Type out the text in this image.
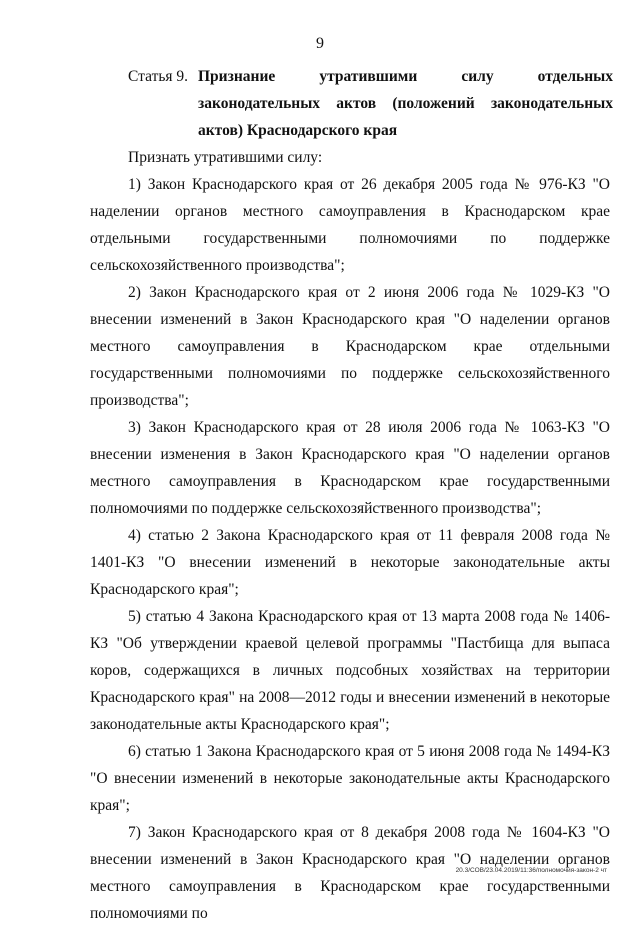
9
Статья 9. Признание утратившими силу отдельных законодательных актов (положений законодательных актов) Краснодарского края

Признать утратившими силу:

1) Закон Краснодарского края от 26 декабря 2005 года № 976-КЗ "О наделении органов местного самоуправления в Краснодарском крае отдельными государственными полномочиями по поддержке сельскохозяйственного производства";

2) Закон Краснодарского края от 2 июня 2006 года № 1029-КЗ "О внесении изменений в Закон Краснодарского края "О наделении органов местного самоуправления в Краснодарском крае отдельными государственными полномочиями по поддержке сельскохозяйственного производства";

3) Закон Краснодарского края от 28 июля 2006 года № 1063-КЗ "О внесении изменения в Закон Краснодарского края "О наделении органов местного самоуправления в Краснодарском крае государственными полномочиями по поддержке сельскохозяйственного производства";

4) статью 2 Закона Краснодарского края от 11 февраля 2008 года № 1401-КЗ "О внесении изменений в некоторые законодательные акты Краснодарского края";

5) статью 4 Закона Краснодарского края от 13 марта 2008 года № 1406-КЗ "Об утверждении краевой целевой программы "Пастбища для выпаса коров, содержащихся в личных подсобных хозяйствах на территории Краснодарского края" на 2008—2012 годы и внесении изменений в некоторые законодательные акты Краснодарского края";

6) статью 1 Закона Краснодарского края от 5 июня 2008 года № 1494-КЗ "О внесении изменений в некоторые законодательные акты Краснодарского края";

7) Закон Краснодарского края от 8 декабря 2008 года № 1604-КЗ "О внесении изменений в Закон Краснодарского края "О наделении органов местного самоуправления в Краснодарском крае государственными полномочиями по

20.3/СОВ/23.04.2019/11:36/полномочия-закон-2 чт
